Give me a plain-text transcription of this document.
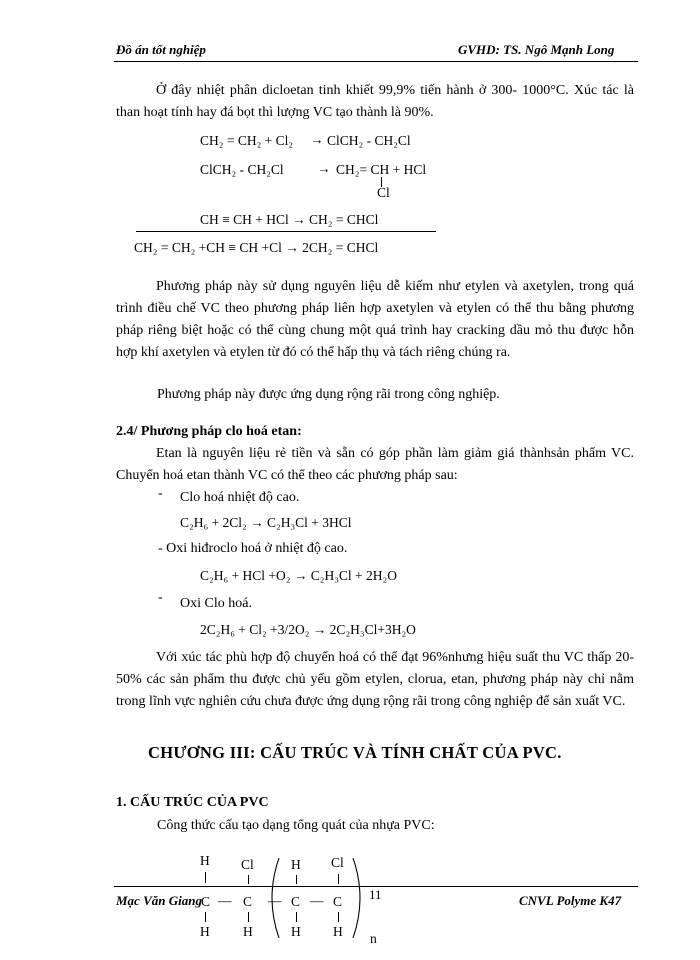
Đồ án tốt nghiệp	GVHD: TS. Ngô Mạnh Long
Ở đây nhiệt phân dicloetan tinh khiết 99,9% tiến hành ở 300- 1000°C. Xúc tác là than hoạt tính hay đá bọt thì lượng VC tạo thành là 90%.
CH₂ = CH₂ + Cl₂ → ClCH₂ - CH₂Cl
ClCH₂ - CH₂Cl → CH₂= CH + HCl
Cl
CH ≡ CH + HCl → CH₂ = CHCl
CH₂ = CH₂ +CH ≡ CH +Cl → 2CH₂ = CHCl
Phương pháp này sử dụng nguyên liệu dễ kiếm như etylen và axetylen, trong quá trình điều chế VC theo phương pháp liên hợp axetylen và etylen có thể thu bằng phương pháp riêng biệt hoặc có thể cùng chung một quá trình hay cracking dầu mỏ thu được hỗn hợp khí axetylen và etylen từ đó có thể hấp thụ và tách riêng chúng ra.
Phương pháp này được ứng dụng rộng rãi trong công nghiệp.
2.4/ Phương pháp clo hoá etan:
Etan là nguyên liệu rẻ tiền và sẵn có góp phần làm giảm giá thànhsản phẩm VC. Chuyển hoá etan thành VC có thể theo các phương pháp sau:
- Clo hoá nhiệt độ cao.
C₂H₆ + 2Cl₂ → C₂H₃Cl + 3HCl
- Oxi hiđroclo hoá ở nhiệt độ cao.
C₂H₆ + HCl +O₂ → C₂H₃Cl + 2H₂O
- Oxi Clo hoá.
2C₂H₆ + Cl₂ +3/2O₂ → 2C₂H₃Cl+3H₂O
Với xúc tác phù hợp độ chuyển hoá có thể đạt 96%nhưng hiệu suất thu VC thấp 20-50% các sản phẩm thu được chủ yếu gồm etylen, clorua, etan, phương pháp này chỉ nằm trong lĩnh vực nghiên cứu chưa được ứng dụng rộng rãi trong công nghiệp để sản xuất VC.
CHƯƠNG III: CẤU TRÚC VÀ TÍNH CHẤT CỦA PVC.
1. CẤU TRÚC CỦA PVC
Công thức cấu tạo dạng tổng quát của nhựa PVC:
H Cl	H Cl
C — C — C — C
H H	H H n
Mạc Văn Giang	11	CNVL Polyme K47
